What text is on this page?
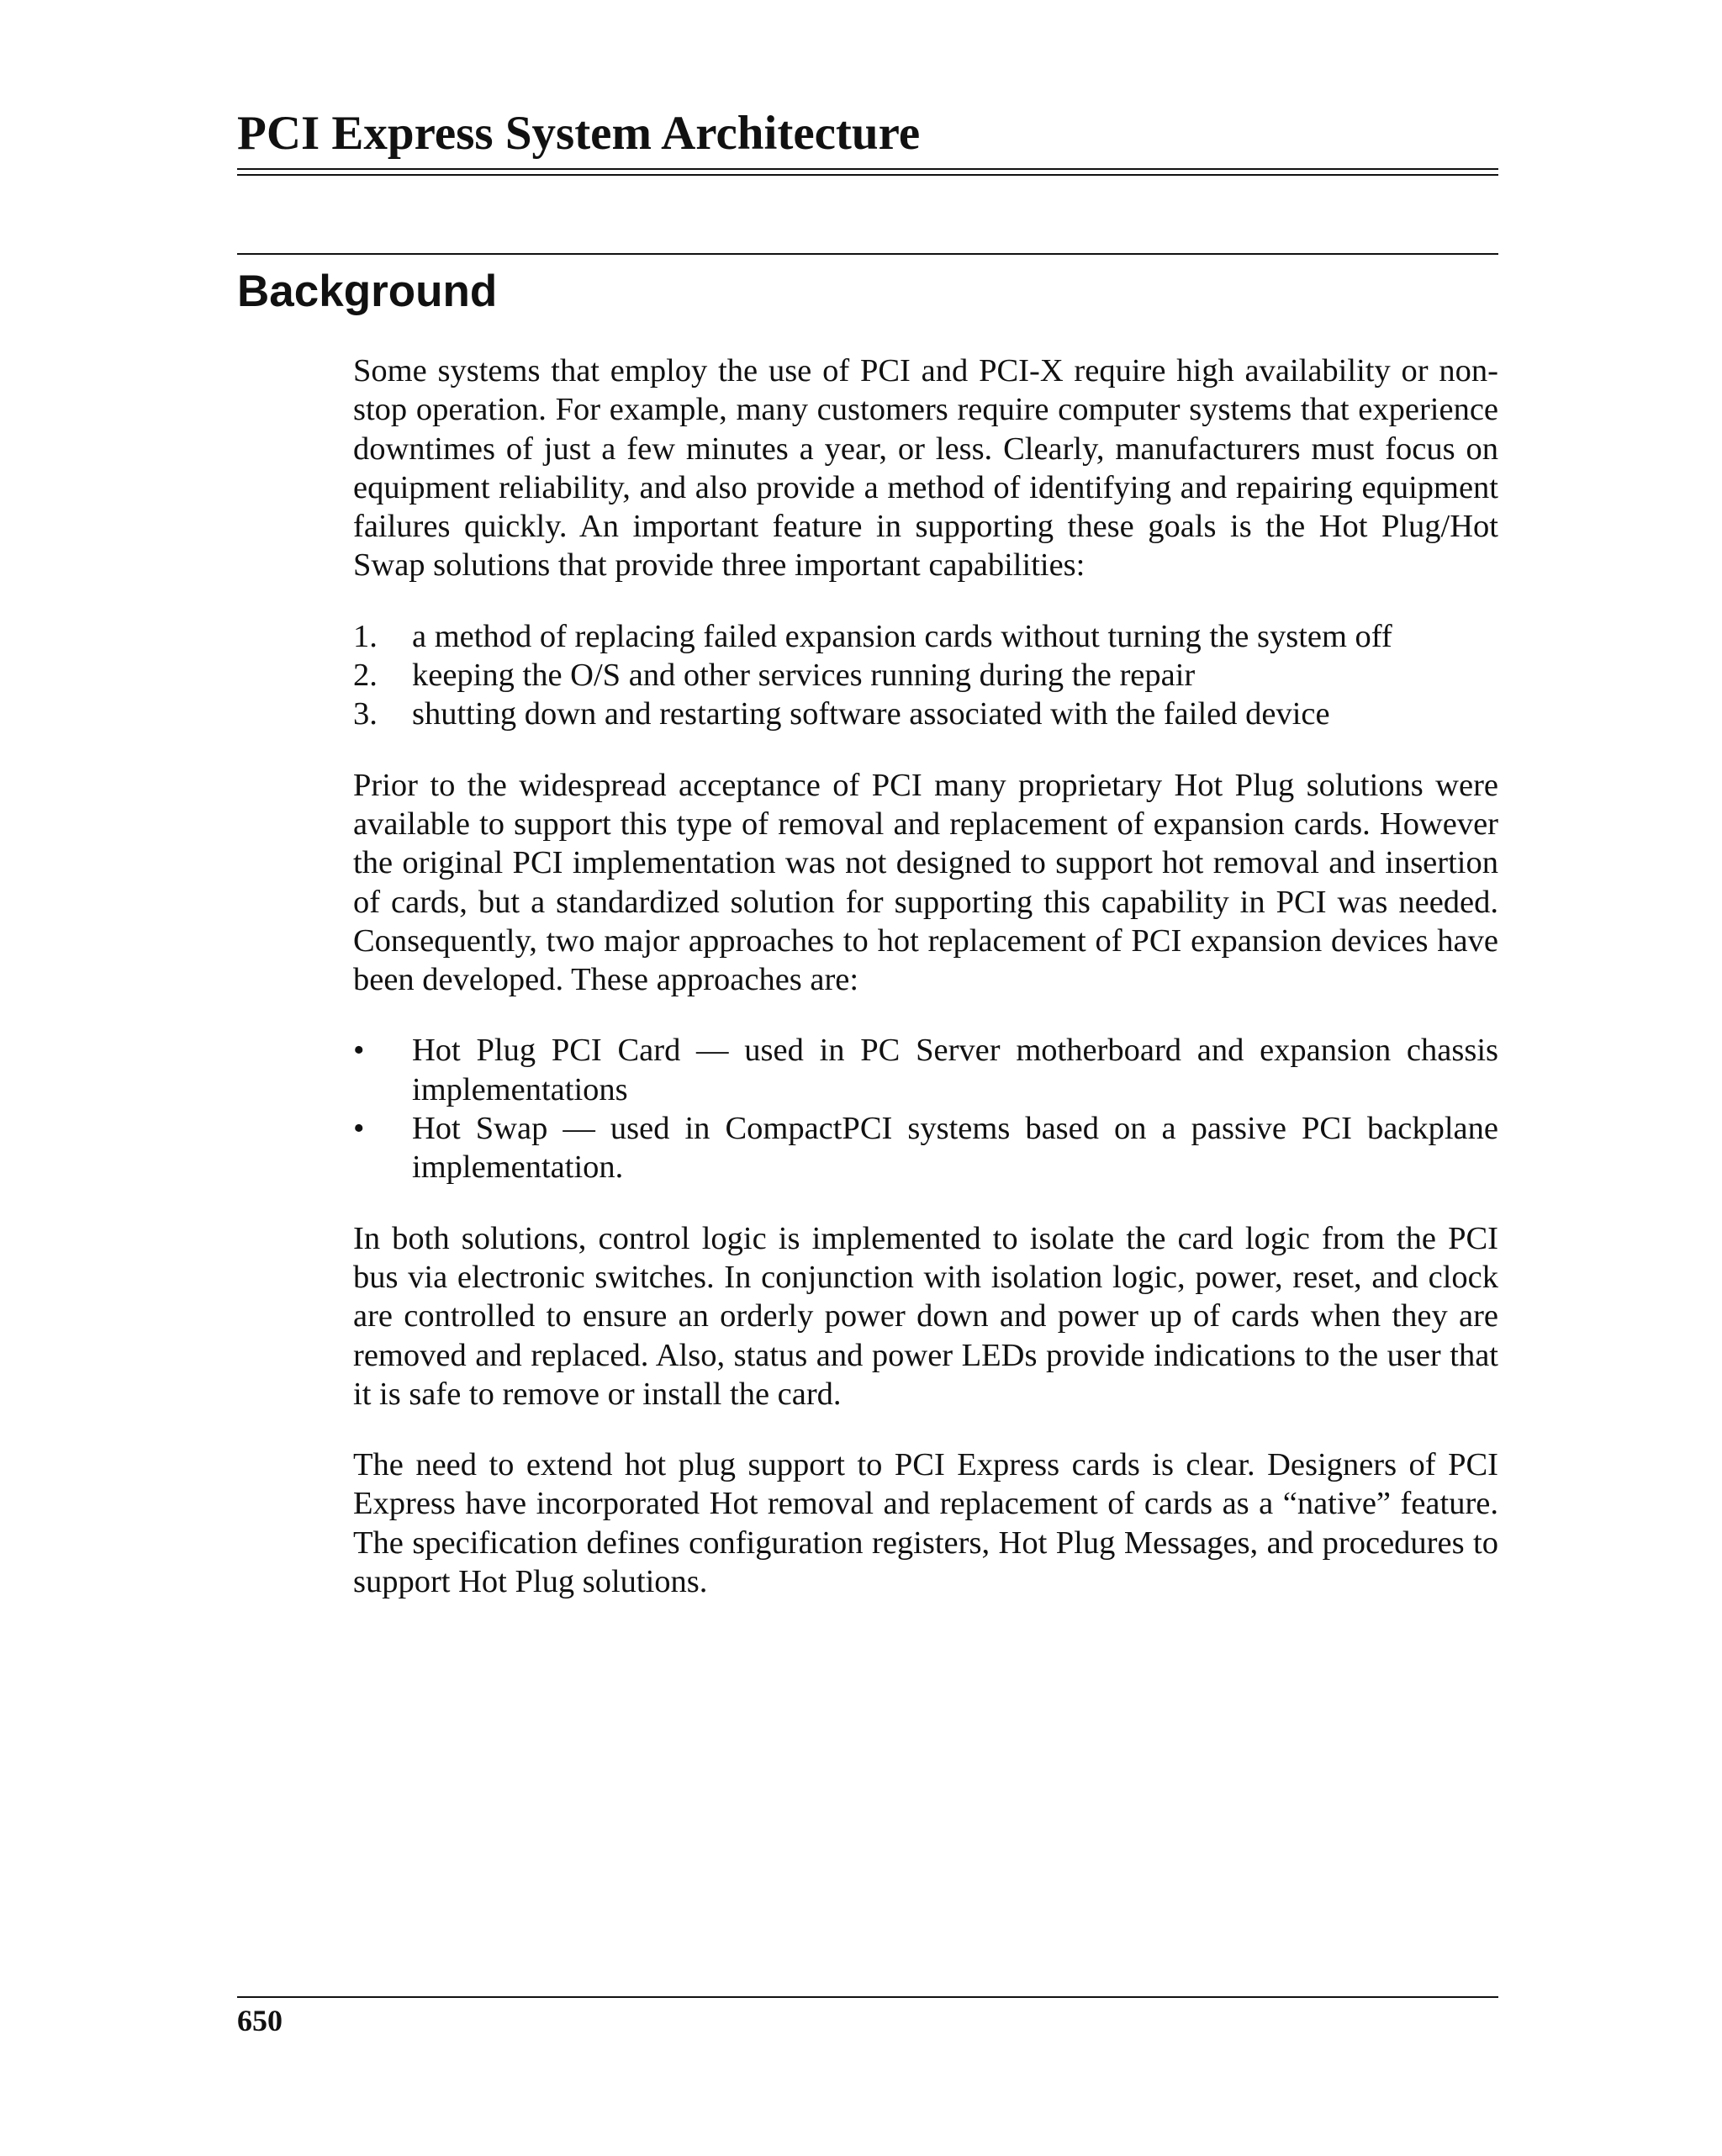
PCI Express System Architecture
Background

Some systems that employ the use of PCI and PCI-X require high availability or non-stop operation. For example, many customers require computer systems that experience downtimes of just a few minutes a year, or less. Clearly, manufacturers must focus on equipment reliability, and also provide a method of identifying and repairing equipment failures quickly. An important feature in supporting these goals is the Hot Plug/Hot Swap solutions that provide three important capabilities:

1.	a method of replacing failed expansion cards without turning the system off
2.	keeping the O/S and other services running during the repair
3.	shutting down and restarting software associated with the failed device

Prior to the widespread acceptance of PCI many proprietary Hot Plug solutions were available to support this type of removal and replacement of expansion cards. However the original PCI implementation was not designed to support hot removal and insertion of cards, but a standardized solution for supporting this capability in PCI was needed. Consequently, two major approaches to hot replacement of PCI expansion devices have been developed. These approaches are:

•	Hot Plug PCI Card — used in PC Server motherboard and expansion chassis implementations
•	Hot Swap — used in CompactPCI systems based on a passive PCI backplane implementation.

In both solutions, control logic is implemented to isolate the card logic from the PCI bus via electronic switches. In conjunction with isolation logic, power, reset, and clock are controlled to ensure an orderly power down and power up of cards when they are removed and replaced. Also, status and power LEDs provide indications to the user that it is safe to remove or install the card.

The need to extend hot plug support to PCI Express cards is clear. Designers of PCI Express have incorporated Hot removal and replacement of cards as a “native” feature. The specification defines configuration registers, Hot Plug Messages, and procedures to support Hot Plug solutions.

650
